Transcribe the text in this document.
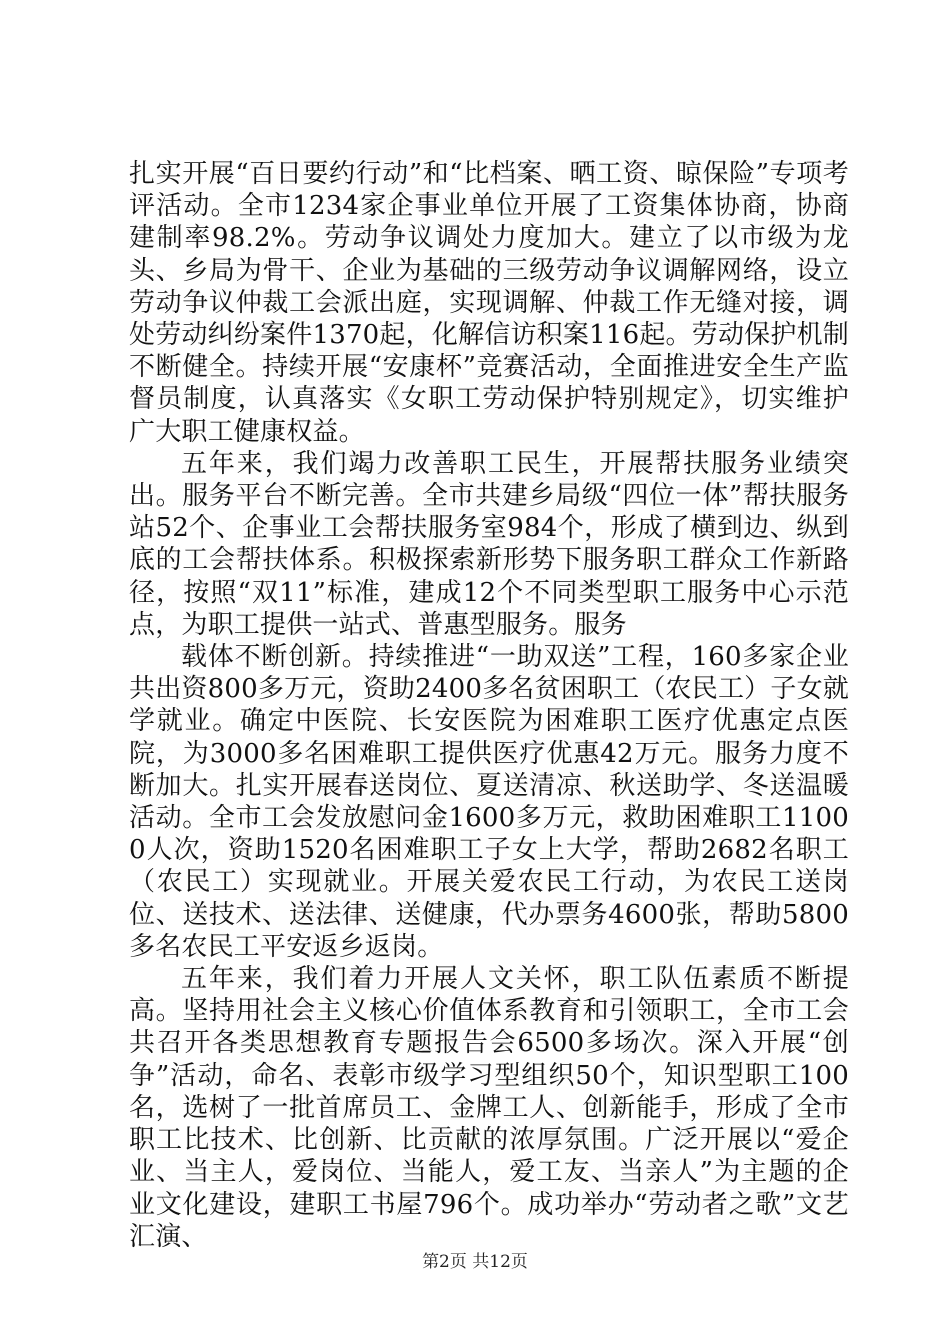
扎实开展“百日要约行动”和“比档案、晒工资、晾保险”专项考评活动。全市1234家企事业单位开展了工资集体协商，协商建制率98.2%。劳动争议调处力度加大。建立了以市级为龙头、乡局为骨干、企业为基础的三级劳动争议调解网络，设立劳动争议仲裁工会派出庭，实现调解、仲裁工作无缝对接，调处劳动纠纷案件1370起，化解信访积案116起。劳动保护机制不断健全。持续开展“安康杯”竞赛活动，全面推进安全生产监督员制度，认真落实《女职工劳动保护特别规定》，切实维护广大职工健康权益。

五年来，我们竭力改善职工民生，开展帮扶服务业绩突出。服务平台不断完善。全市共建乡局级“四位一体”帮扶服务站52个、企事业工会帮扶服务室984个，形成了横到边、纵到底的工会帮扶体系。积极探索新形势下服务职工群众工作新路径，按照“双11”标准，建成12个不同类型职工服务中心示范点，为职工提供一站式、普惠型服务。服务

载体不断创新。持续推进“一助双送”工程，160多家企业共出资800多万元，资助2400多名贫困职工（农民工）子女就学就业。确定中医院、长安医院为困难职工医疗优惠定点医院，为3000多名困难职工提供医疗优惠42万元。服务力度不断加大。扎实开展春送岗位、夏送清凉、秋送助学、冬送温暖活动。全市工会发放慰问金1600多万元，救助困难职工11000人次，资助1520名困难职工子女上大学，帮助2682名职工（农民工）实现就业。开展关爱农民工行动，为农民工送岗位、送技术、送法律、送健康，代办票务4600张，帮助5800多名农民工平安返乡返岗。

五年来，我们着力开展人文关怀，职工队伍素质不断提高。坚持用社会主义核心价值体系教育和引领职工，全市工会共召开各类思想教育专题报告会6500多场次。深入开展“创争”活动，命名、表彰市级学习型组织50个，知识型职工100名，选树了一批首席员工、金牌工人、创新能手，形成了全市职工比技术、比创新、比贡献的浓厚氛围。广泛开展以“爱企业、当主人，爱岗位、当能人，爱工友、当亲人”为主题的企业文化建设，建职工书屋796个。成功举办“劳动者之歌”文艺汇演、

第2页 共12页
